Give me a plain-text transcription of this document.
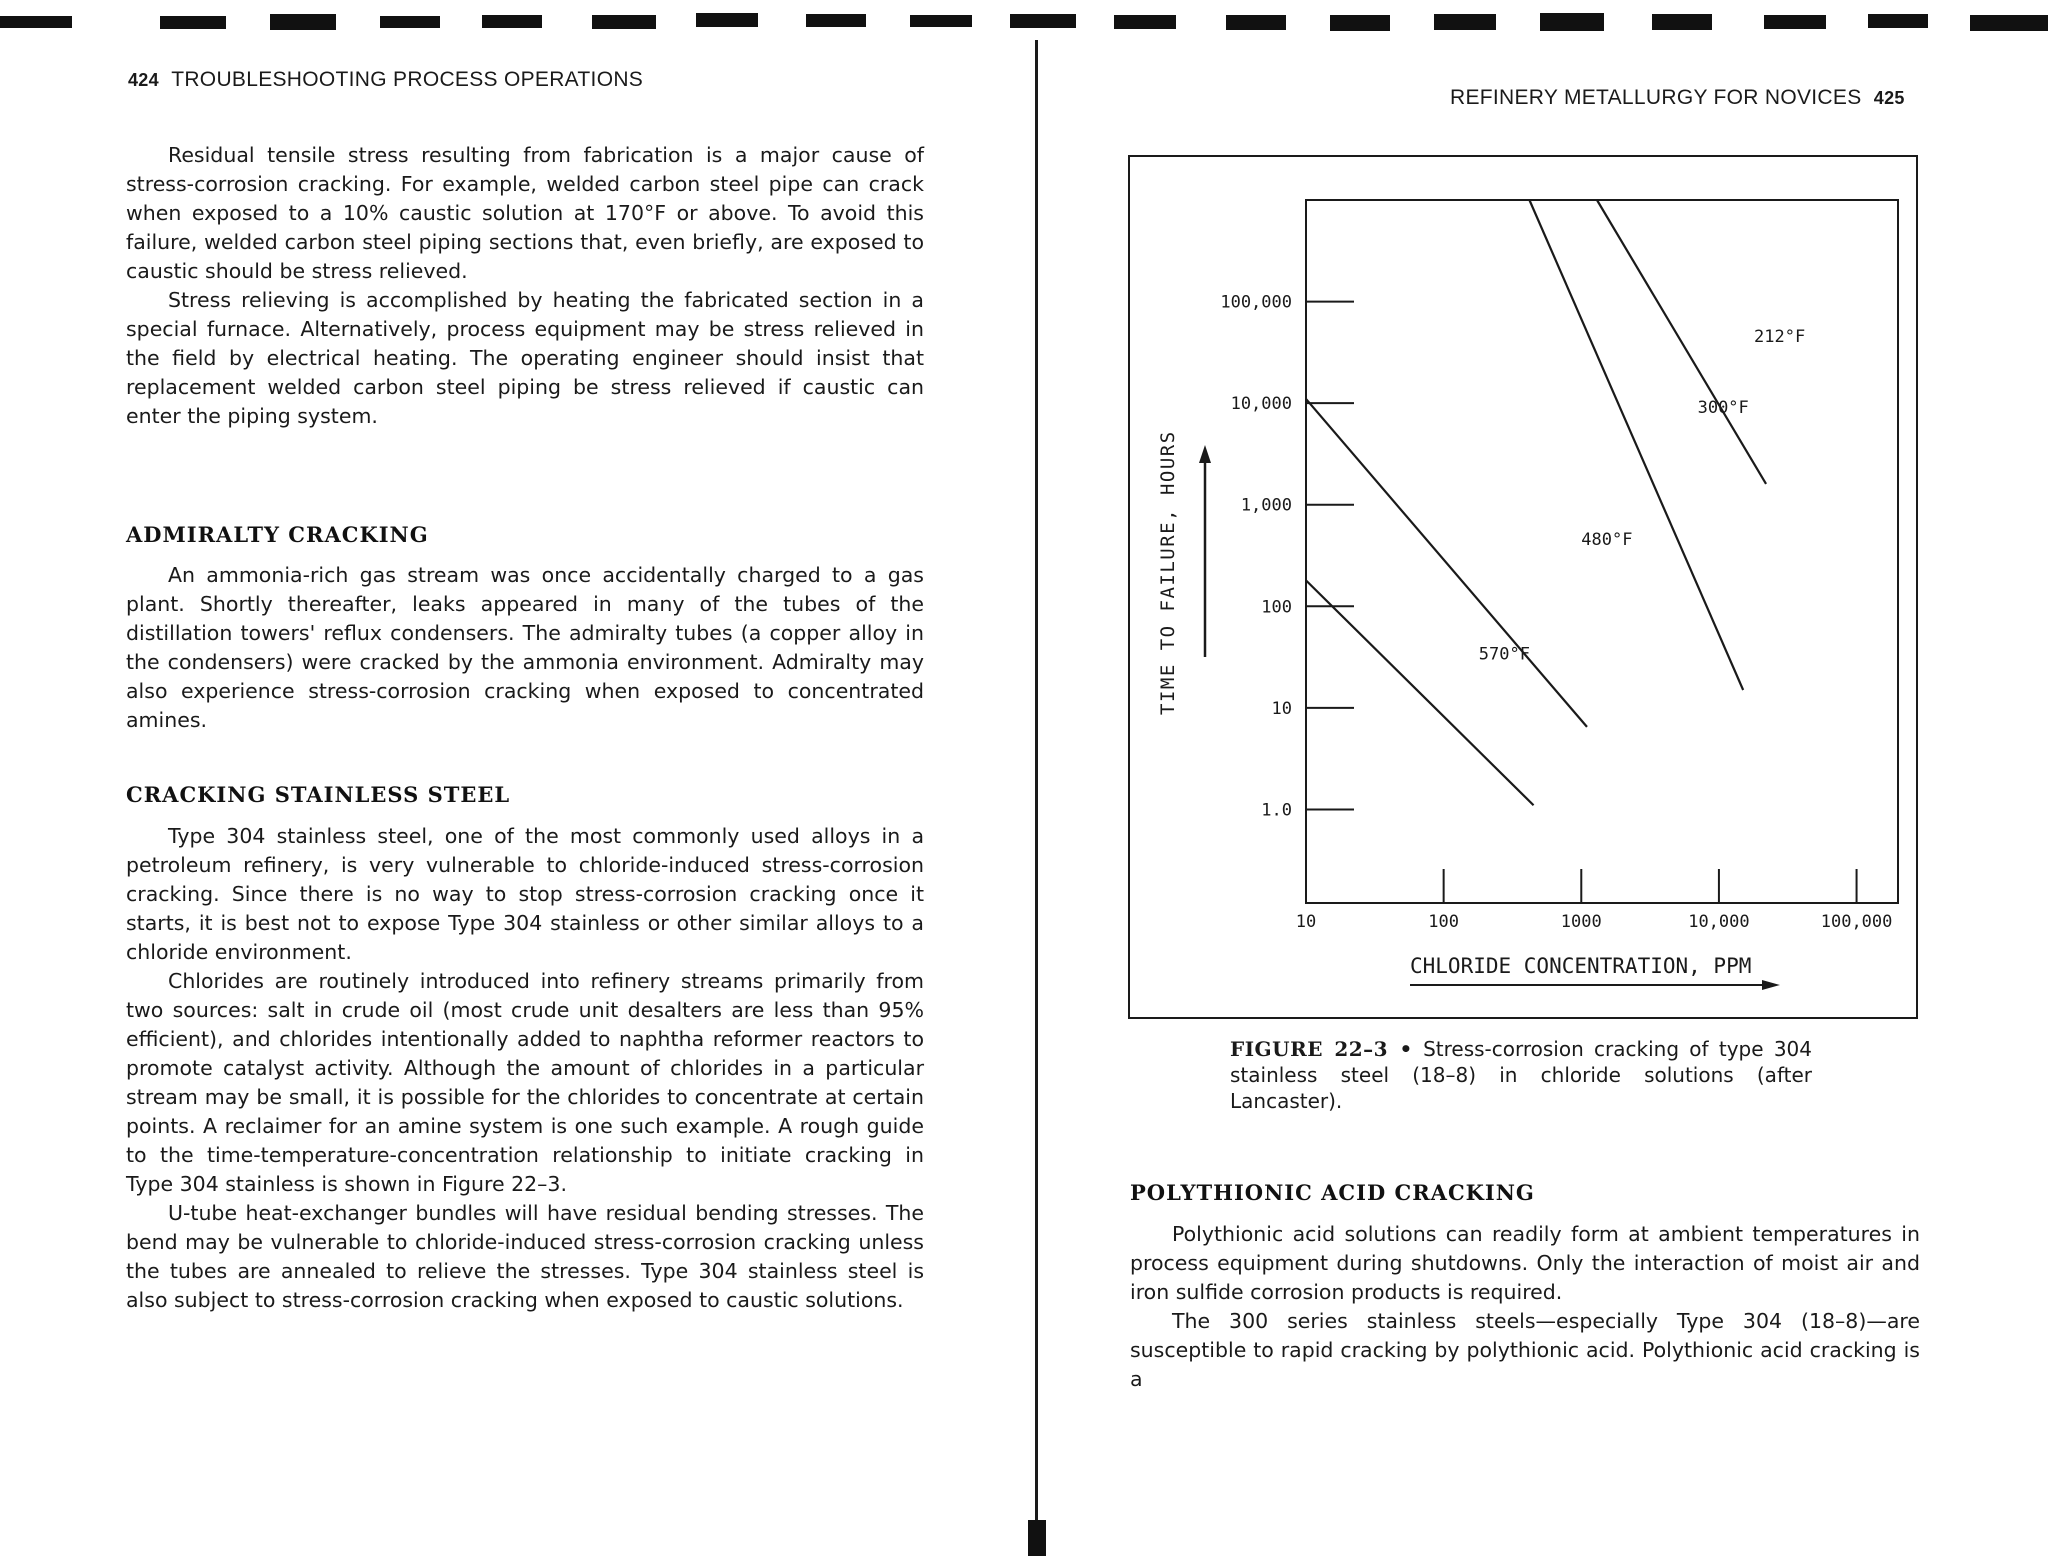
424 TROUBLESHOOTING PROCESS OPERATIONS

Residual tensile stress resulting from fabrication is a major cause of stress-corrosion cracking. For example, welded carbon steel pipe can crack when exposed to a 10% caustic solution at 170°F or above. To avoid this failure, welded carbon steel piping sections that, even briefly, are exposed to caustic should be stress relieved.

Stress relieving is accomplished by heating the fabricated section in a special furnace. Alternatively, process equipment may be stress relieved in the field by electrical heating. The operating engineer should insist that replacement welded carbon steel piping be stress relieved if caustic can enter the piping system.

ADMIRALTY CRACKING

An ammonia-rich gas stream was once accidentally charged to a gas plant. Shortly thereafter, leaks appeared in many of the tubes of the distillation towers' reflux condensers. The admiralty tubes (a copper alloy in the condensers) were cracked by the ammonia environment. Admiralty may also experience stress-corrosion cracking when exposed to concentrated amines.

CRACKING STAINLESS STEEL

Type 304 stainless steel, one of the most commonly used alloys in a petroleum refinery, is very vulnerable to chloride-induced stress-corrosion cracking. Since there is no way to stop stress-corrosion cracking once it starts, it is best not to expose Type 304 stainless or other similar alloys to a chloride environment.

Chlorides are routinely introduced into refinery streams primarily from two sources: salt in crude oil (most crude unit desalters are less than 95% efficient), and chlorides intentionally added to naphtha reformer reactors to promote catalyst activity. Although the amount of chlorides in a particular stream may be small, it is possible for the chlorides to concentrate at certain points. A reclaimer for an amine system is one such example. A rough guide to the time-temperature-concentration relationship to initiate cracking in Type 304 stainless is shown in Figure 22–3.

U-tube heat-exchanger bundles will have residual bending stresses. The bend may be vulnerable to chloride-induced stress-corrosion cracking unless the tubes are annealed to relieve the stresses. Type 304 stainless steel is also subject to stress-corrosion cracking when exposed to caustic solutions.

REFINERY METALLURGY FOR NOVICES 425
1.0
10
100
1,000
10,000
100,000
10	100	1000	10,000	100,000
570°F
480°F
300°F
212°F
TIME TO FAILURE, HOURS
CHLORIDE CONCENTRATION, PPM
FIGURE 22–3 • Stress-corrosion cracking of type 304 stainless steel (18–8) in chloride solutions (after Lancaster).
POLYTHIONIC ACID CRACKING

Polythionic acid solutions can readily form at ambient temperatures in process equipment during shutdowns. Only the interaction of moist air and iron sulfide corrosion products is required.

The 300 series stainless steels—especially Type 304 (18–8)—are susceptible to rapid cracking by polythionic acid. Polythionic acid cracking is a
